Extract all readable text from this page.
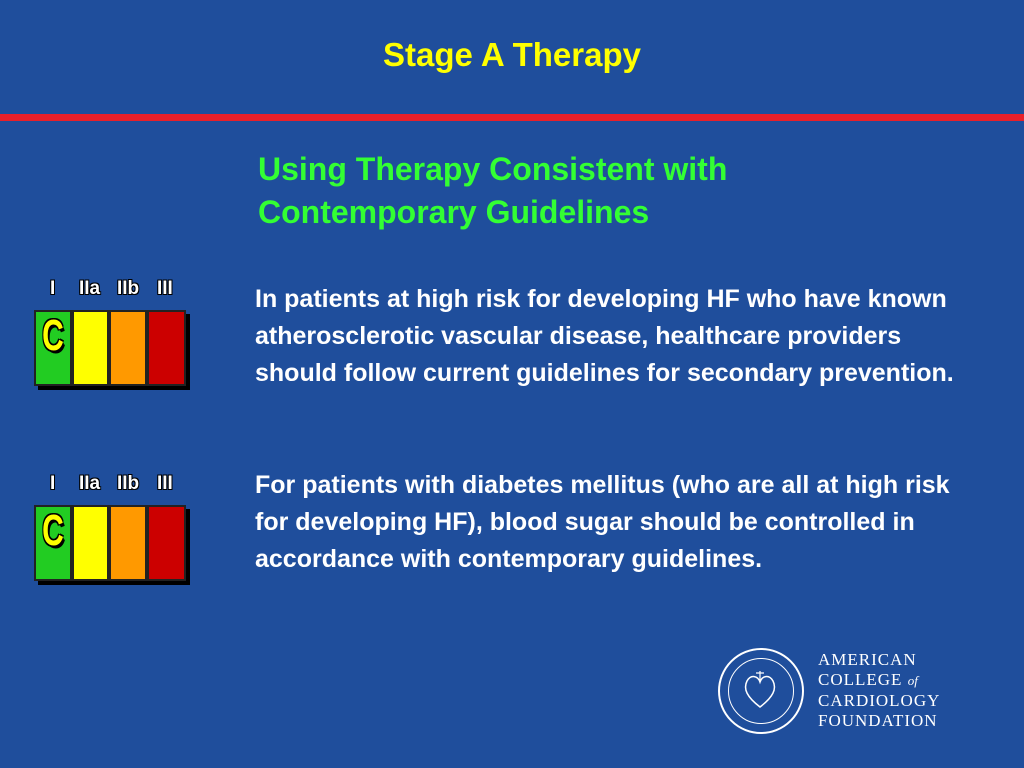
Stage A Therapy
Using Therapy Consistent with
Contemporary Guidelines
I IIa IIb III
C
In patients at high risk for developing HF who have known atherosclerotic vascular disease, healthcare providers should follow current guidelines for secondary prevention.
I IIa IIb III
C
For patients with diabetes mellitus (who are all at high risk for developing HF), blood sugar should be controlled in accordance with contemporary guidelines.
AMERICAN
COLLEGE of
CARDIOLOGY
FOUNDATION
